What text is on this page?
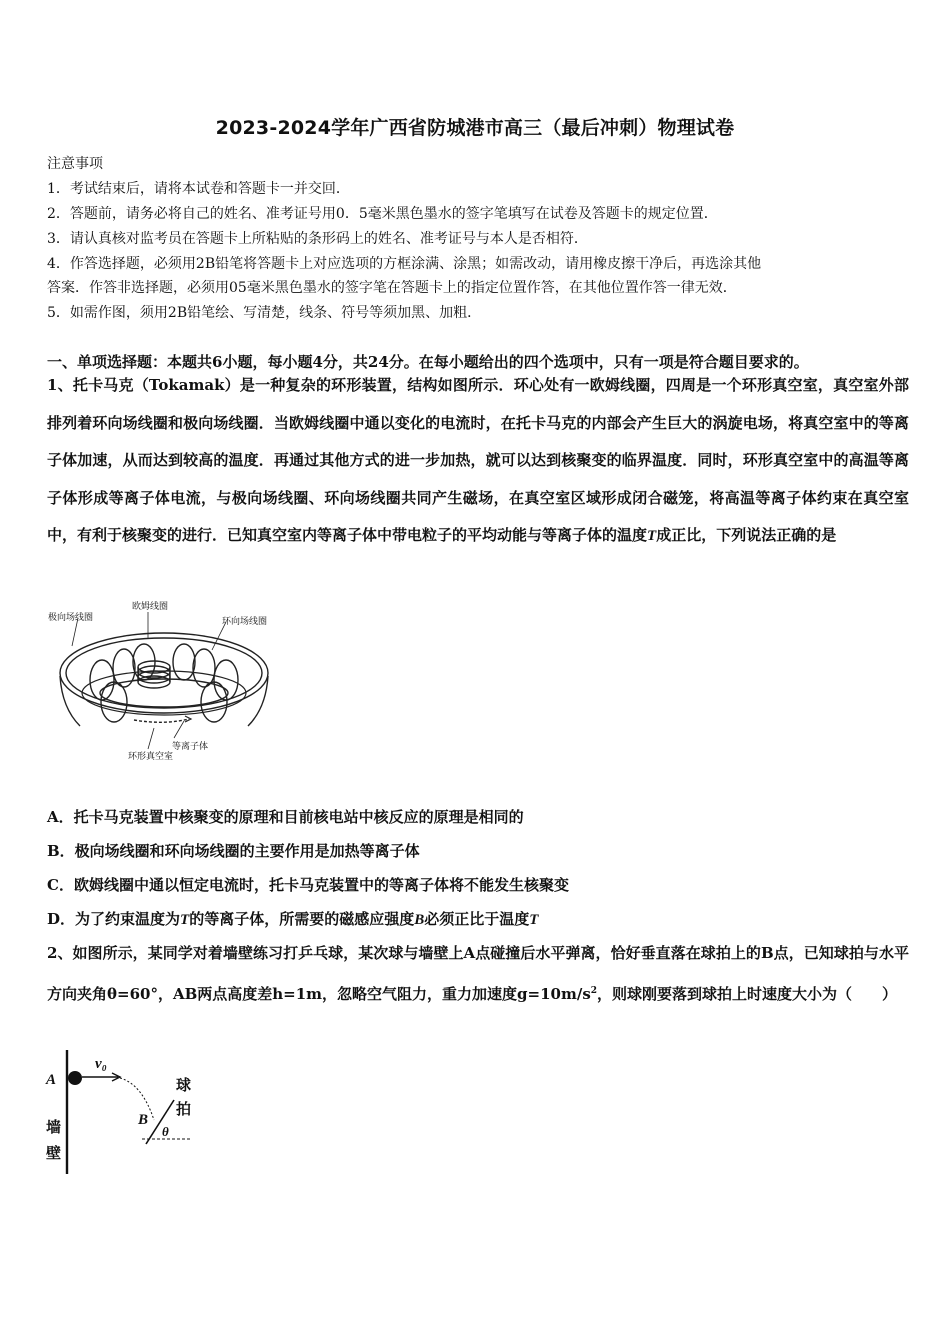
2023-2024学年广西省防城港市高三（最后冲刺）物理试卷
注意事项
1．考试结束后，请将本试卷和答题卡一并交回．
2．答题前，请务必将自己的姓名、准考证号用0．5毫米黑色墨水的签字笔填写在试卷及答题卡的规定位置．
3．请认真核对监考员在答题卡上所粘贴的条形码上的姓名、准考证号与本人是否相符．
4．作答选择题，必须用2B铅笔将答题卡上对应选项的方框涂满、涂黑；如需改动，请用橡皮擦干净后，再选涂其他
答案．作答非选择题，必须用05毫米黑色墨水的签字笔在答题卡上的指定位置作答，在其他位置作答一律无效．
5．如需作图，须用2B铅笔绘、写清楚，线条、符号等须加黑、加粗．
一、单项选择题：本题共6小题，每小题4分，共24分。在每小题给出的四个选项中，只有一项是符合题目要求的。
1、托卡马克（Tokamak）是一种复杂的环形装置，结构如图所示．环心处有一欧姆线圈，四周是一个环形真空室，真空室外部排列着环向场线圈和极向场线圈．当欧姆线圈中通以变化的电流时，在托卡马克的内部会产生巨大的涡旋电场，将真空室中的等离子体加速，从而达到较高的温度．再通过其他方式的进一步加热，就可以达到核聚变的临界温度．同时，环形真空室中的高温等离子体形成等离子体电流，与极向场线圈、环向场线圈共同产生磁场，在真空室区域形成闭合磁笼，将高温等离子体约束在真空室中，有利于核聚变的进行．已知真空室内等离子体中带电粒子的平均动能与等离子体的温度T成正比，下列说法正确的是
极向场线圈
欧姆线圈
环向场线圈
等离子体
环形真空室
A．托卡马克装置中核聚变的原理和目前核电站中核反应的原理是相同的
B．极向场线圈和环向场线圈的主要作用是加热等离子体
C．欧姆线圈中通以恒定电流时，托卡马克装置中的等离子体将不能发生核聚变
D．为了约束温度为T的等离子体，所需要的磁感应强度B必须正比于温度T
2、如图所示，某同学对着墙壁练习打乒乓球，某次球与墙壁上A点碰撞后水平弹离，恰好垂直落在球拍上的B点，已知球拍与水平方向夹角θ=60°，AB两点高度差h=1m，忽略空气阻力，重力加速度$g=10m/s^2$，则球刚要落到球拍上时速度大小为（　　）
A
v₀
B
θ
球
拍
墙
壁
